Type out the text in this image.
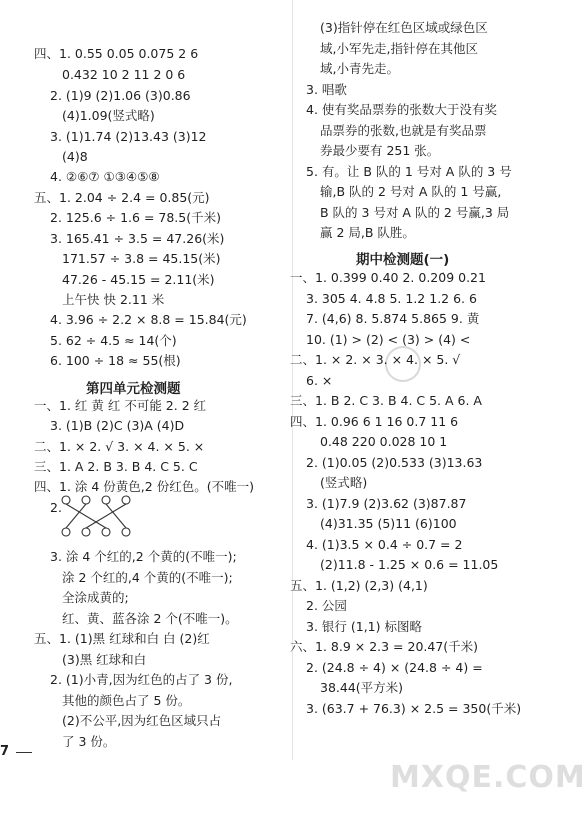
第四单元检测题
期中检测题(一)
7
MXQE.COM
四、1. 0.55 0.05 0.075 2 6
0.432 10 2 11 2 0 6
2. (1)9 (2)1.06 (3)0.86
(4)1.09(竖式略)
3. (1)1.74 (2)13.43 (3)12
(4)8
4. ②⑥⑦ ①③④⑤⑧
五、1. 2.04 ÷ 2.4 = 0.85(元)
2. 125.6 ÷ 1.6 = 78.5(千米)
3. 165.41 ÷ 3.5 = 47.26(米)
171.57 ÷ 3.8 = 45.15(米)
47.26 - 45.15 = 2.11(米)
上午快 快 2.11 米
4. 3.96 ÷ 2.2 × 8.8 = 15.84(元)
5. 62 ÷ 4.5 ≈ 14(个)
6. 100 ÷ 18 ≈ 55(根)
一、1. 红 黄 红 不可能 2. 2 红
3. (1)B (2)C (3)A (4)D
二、1. × 2. √ 3. × 4. × 5. ×
三、1. A 2. B 3. B 4. C 5. C
四、1. 涂 4 份黄色,2 份红色。(不唯一)
2.
3. 涂 4 个红的,2 个黄的(不唯一);
涂 2 个红的,4 个黄的(不唯一);
全涂成黄的;
红、黄、蓝各涂 2 个(不唯一)。
五、1. (1)黑 红球和白 白 (2)红
(3)黑 红球和白
2. (1)小青,因为红色的占了 3 份,
其他的颜色占了 5 份。
(2)不公平,因为红色区域只占
了 3 份。
(3)指针停在红色区域或绿色区
域,小军先走,指针停在其他区
域,小青先走。
3. 唱歌
4. 使有奖品票券的张数大于没有奖
品票券的张数,也就是有奖品票
券最少要有 251 张。
5. 有。让 B 队的 1 号对 A 队的 3 号
输,B 队的 2 号对 A 队的 1 号赢,
B 队的 3 号对 A 队的 2 号赢,3 局
赢 2 局,B 队胜。
一、1. 0.399 0.40 2. 0.20̇9̇ 0.21
3. 305 4. 4.8 5. 1.2 1.2 6. 6
7. (4,6) 8. 5.874 5.865 9. 黄
10. (1) > (2) < (3) > (4) <
二、1. × 2. × 3. × 4. × 5. √
6. ×
三、1. B 2. C 3. B 4. C 5. A 6. A
四、1. 0.96 6 1 16 0.7 11 6
0.48 220 0.028 10 1
2. (1)0.05 (2)0.533 (3)13.63
(竖式略)
3. (1)7.9 (2)3.62 (3)87.87
(4)31.35 (5)11 (6)100
4. (1)3.5 × 0.4 ÷ 0.7 = 2
(2)11.8 - 1.25 × 0.6 = 11.05
五、1. (1,2) (2,3) (4,1)
2. 公园
3. 银行 (1,1) 标图略
六、1. 8.9 × 2.3 = 20.47(千米)
2. (24.8 ÷ 4) × (24.8 ÷ 4) =
38.44(平方米)
3. (63.7 + 76.3) × 2.5 = 350(千米)
